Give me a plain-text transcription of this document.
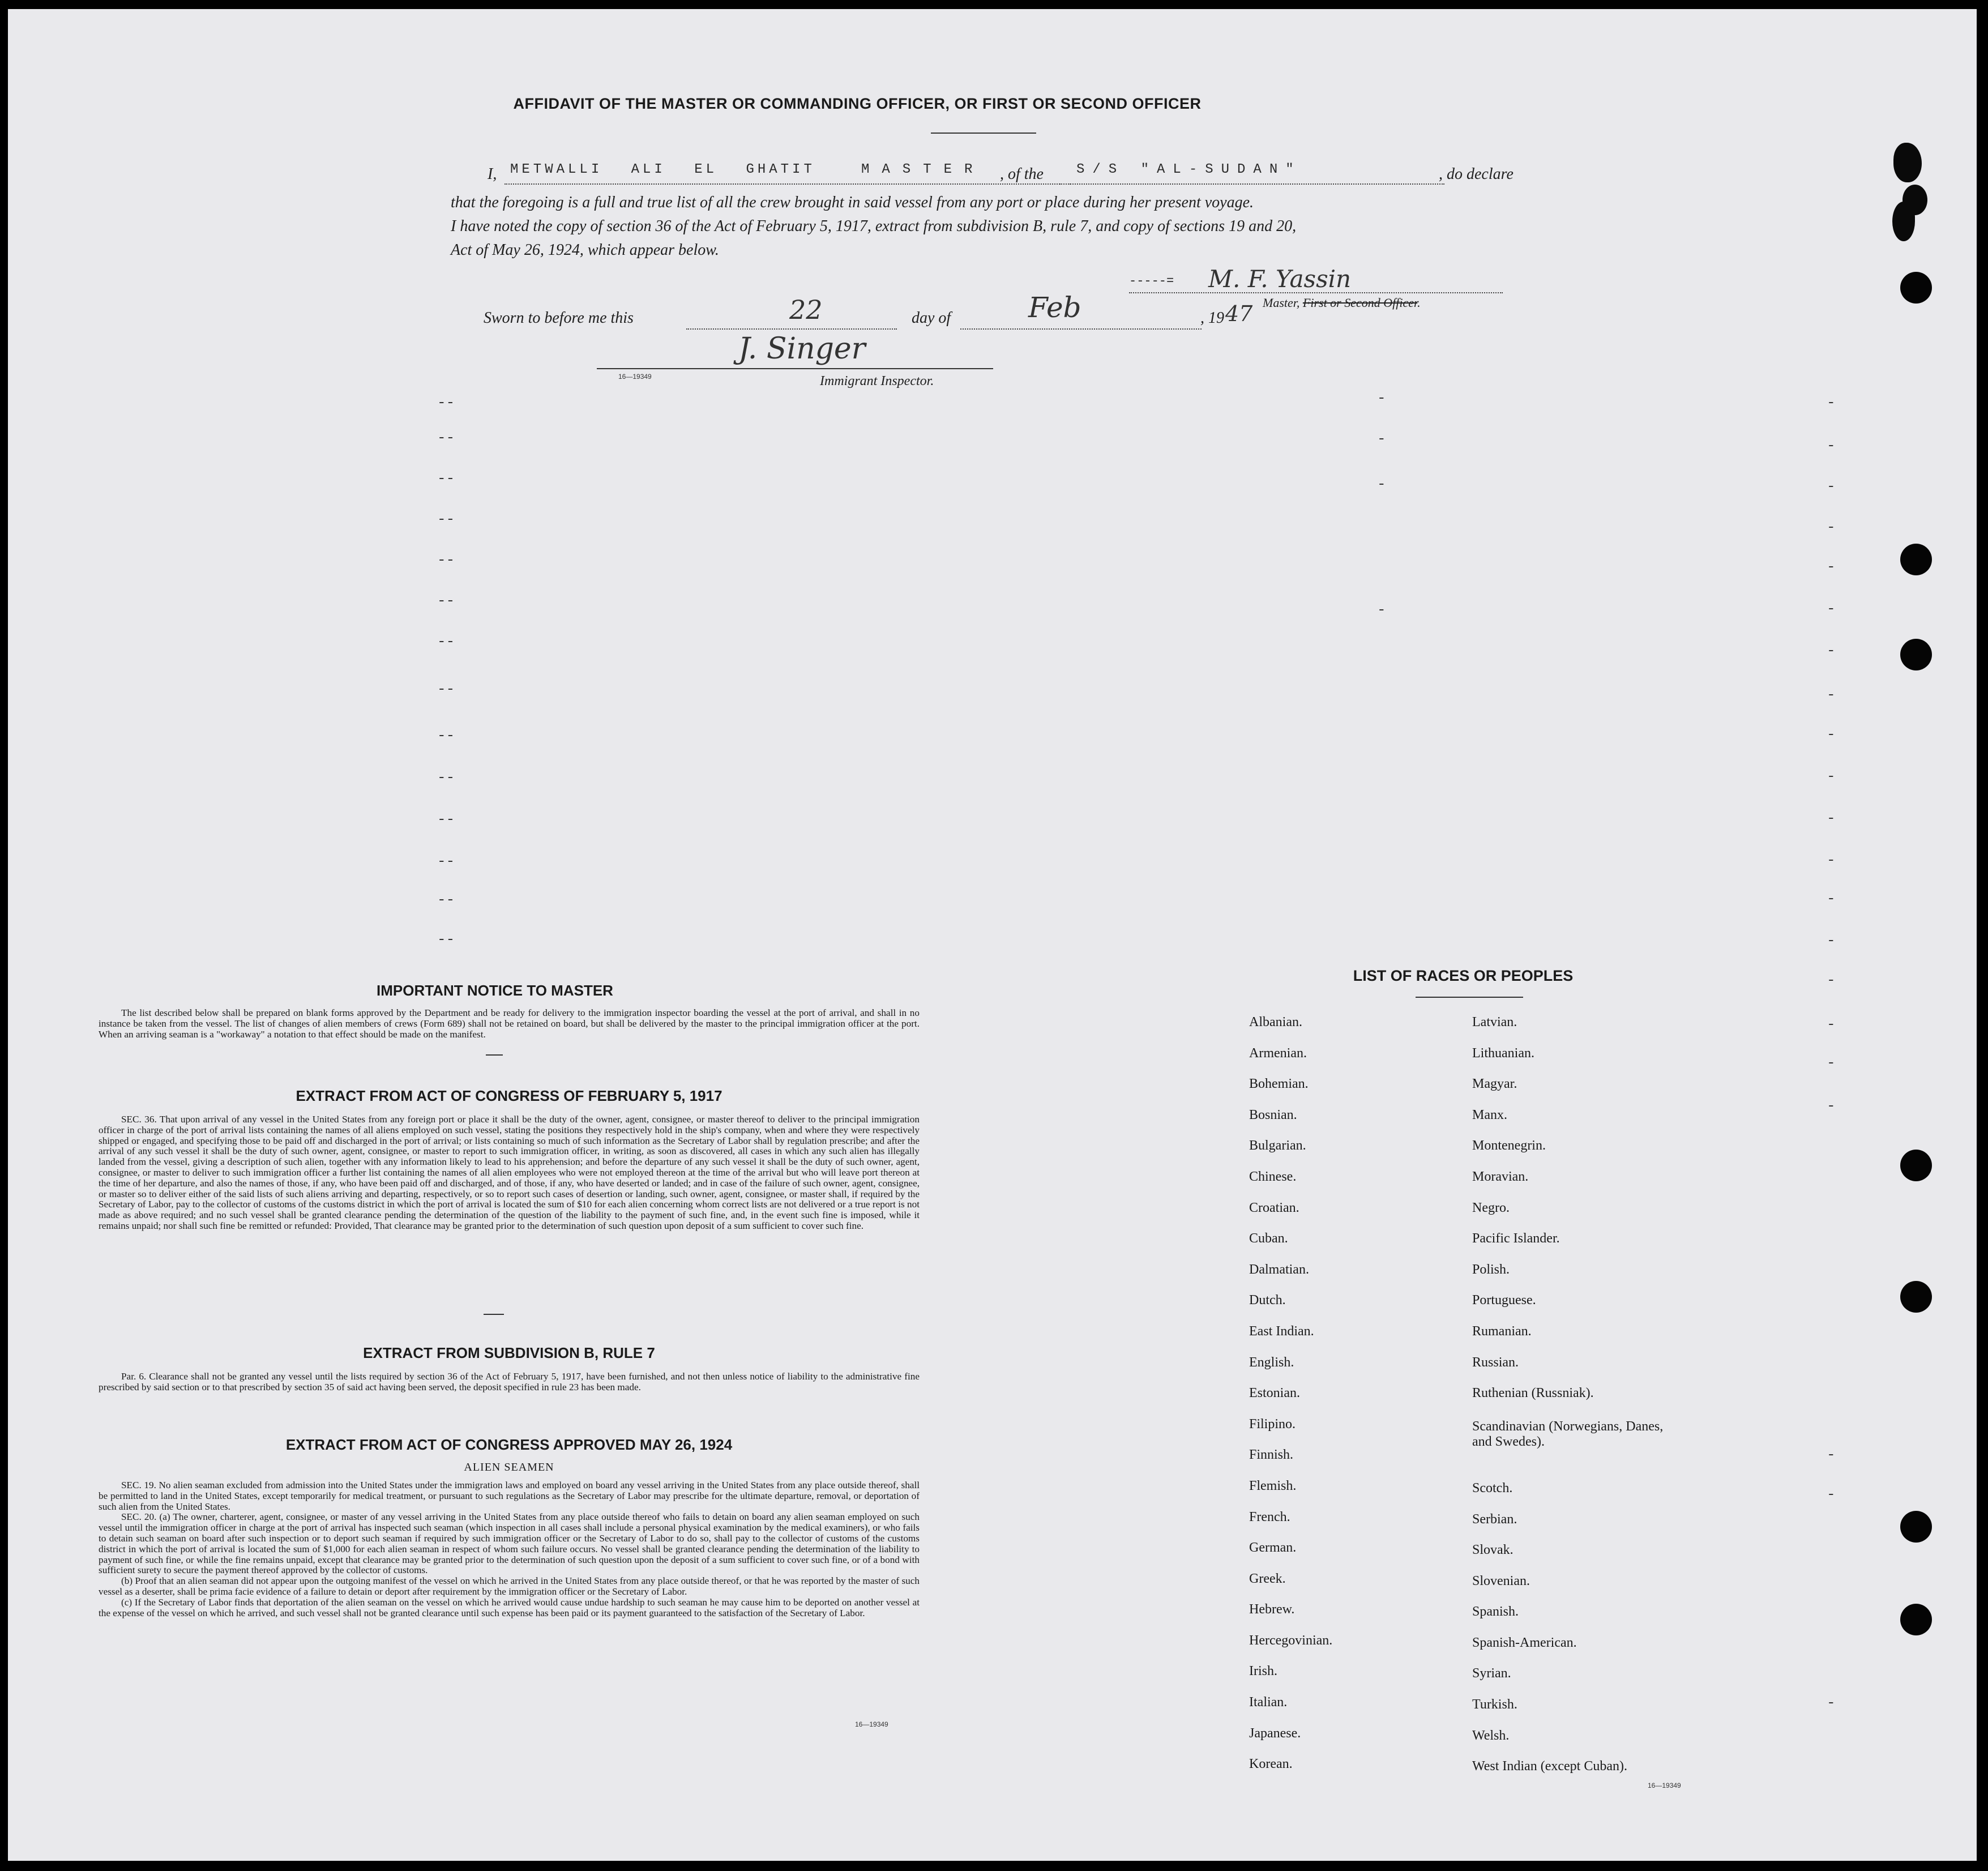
AFFIDAVIT OF THE MASTER OR COMMANDING OFFICER, OR FIRST OR SECOND OFFICER
I, METWALLI ALI EL GHATIT	MASTER , of the S/S "AL-SUDAN"	, do declare
that the foregoing is a full and true list of all the crew brought in said vessel from any port or place during her present voyage.
I have noted the copy of section 36 of the Act of February 5, 1917, extract from subdivision B, rule 7, and copy of sections 19 and 20,
Act of May 26, 1924, which appear below.
-----= M. F. Yassin
Master, First or Second Officer.
Sworn to before me this	22	day of	Feb	, 19 47
J. Singer
16—19349	Immigrant Inspector.
--
--
--
--
--
--
--
--
--
--
--
--
--
--
-
-
-
-
-
-
-
-
-
-
-
-
-
-
-
-
-
-
-
-
-
-
-
-
-
IMPORTANT NOTICE TO MASTER

The list described below shall be prepared on blank forms approved by the Department and be ready for delivery to the immigration inspector boarding the vessel at the port of arrival, and shall in no instance be taken from the vessel. The list of changes of alien members of crews (Form 689) shall not be retained on board, but shall be delivered by the master to the principal immigration officer at the port. When an arriving seaman is a "workaway" a notation to that effect should be made on the manifest.

EXTRACT FROM ACT OF CONGRESS OF FEBRUARY 5, 1917

SEC. 36. That upon arrival of any vessel in the United States from any foreign port or place it shall be the duty of the owner, agent, consignee, or master thereof to deliver to the principal immigration officer in charge of the port of arrival lists containing the names of all aliens employed on such vessel, stating the positions they respectively hold in the ship's company, when and where they were respectively shipped or engaged, and specifying those to be paid off and discharged in the port of arrival; or lists containing so much of such information as the Secretary of Labor shall by regulation prescribe; and after the arrival of any such vessel it shall be the duty of such owner, agent, consignee, or master to report to such immigration officer, in writing, as soon as discovered, all cases in which any such alien has illegally landed from the vessel, giving a description of such alien, together with any information likely to lead to his apprehension; and before the departure of any such vessel it shall be the duty of such owner, agent, consignee, or master to deliver to such immigration officer a further list containing the names of all alien employees who were not employed thereon at the time of the arrival but who will leave port thereon at the time of her departure, and also the names of those, if any, who have been paid off and discharged, and of those, if any, who have deserted or landed; and in case of the failure of such owner, agent, consignee, or master so to deliver either of the said lists of such aliens arriving and departing, respectively, or so to report such cases of desertion or landing, such owner, agent, consignee, or master shall, if required by the Secretary of Labor, pay to the collector of customs of the customs district in which the port of arrival is located the sum of $10 for each alien concerning whom correct lists are not delivered or a true report is not made as above required; and no such vessel shall be granted clearance pending the determination of the question of the liability to the payment of such fine, and, in the event such fine is imposed, while it remains unpaid; nor shall such fine be remitted or refunded: Provided, That clearance may be granted prior to the determination of such question upon deposit of a sum sufficient to cover such fine.

EXTRACT FROM SUBDIVISION B, RULE 7

Par. 6. Clearance shall not be granted any vessel until the lists required by section 36 of the Act of February 5, 1917, have been furnished, and not then unless notice of liability to the administrative fine prescribed by said section or to that prescribed by section 35 of said act having been served, the deposit specified in rule 23 has been made.

EXTRACT FROM ACT OF CONGRESS APPROVED MAY 26, 1924
ALIEN SEAMEN

SEC. 19. No alien seaman excluded from admission into the United States under the immigration laws and employed on board any vessel arriving in the United States from any place outside thereof, shall be permitted to land in the United States, except temporarily for medical treatment, or pursuant to such regulations as the Secretary of Labor may prescribe for the ultimate departure, removal, or deportation of such alien from the United States.

SEC. 20. (a) The owner, charterer, agent, consignee, or master of any vessel arriving in the United States from any place outside thereof who fails to detain on board any alien seaman employed on such vessel until the immigration officer in charge at the port of arrival has inspected such seaman (which inspection in all cases shall include a personal physical examination by the medical examiners), or who fails to detain such seaman on board after such inspection or to deport such seaman if required by such immigration officer or the Secretary of Labor to do so, shall pay to the collector of customs of the customs district in which the port of arrival is located the sum of $1,000 for each alien seaman in respect of whom such failure occurs. No vessel shall be granted clearance pending the determination of the liability to payment of such fine, or while the fine remains unpaid, except that clearance may be granted prior to the determination of such question upon the deposit of a sum sufficient to cover such fine, or of a bond with sufficient surety to secure the payment thereof approved by the collector of customs.

(b) Proof that an alien seaman did not appear upon the outgoing manifest of the vessel on which he arrived in the United States from any place outside thereof, or that he was reported by the master of such vessel as a deserter, shall be prima facie evidence of a failure to detain or deport after requirement by the immigration officer or the Secretary of Labor.

(c) If the Secretary of Labor finds that deportation of the alien seaman on the vessel on which he arrived would cause undue hardship to such seaman he may cause him to be deported on another vessel at the expense of the vessel on which he arrived, and such vessel shall not be granted clearance until such expense has been paid or its payment guaranteed to the satisfaction of the Secretary of Labor.

16—19349
LIST OF RACES OR PEOPLES
Albanian.
Armenian.
Bohemian.
Bosnian.
Bulgarian.
Chinese.
Croatian.
Cuban.
Dalmatian.
Dutch.
East Indian.
English.
Estonian.
Filipino.
Finnish.
Flemish.
French.
German.
Greek.
Hebrew.
Hercegovinian.
Irish.
Italian.
Japanese.
Korean.
Latvian.
Lithuanian.
Magyar.
Manx.
Montenegrin.
Moravian.
Negro.
Pacific Islander.
Polish.
Portuguese.
Rumanian.
Russian.
Ruthenian (Russniak).
Scandinavian (Norwegians, Danes, and Swedes).
Scotch.
Serbian.
Slovak.
Slovenian.
Spanish.
Spanish-American.
Syrian.
Turkish.
Welsh.
West Indian (except Cuban).
16—19349
